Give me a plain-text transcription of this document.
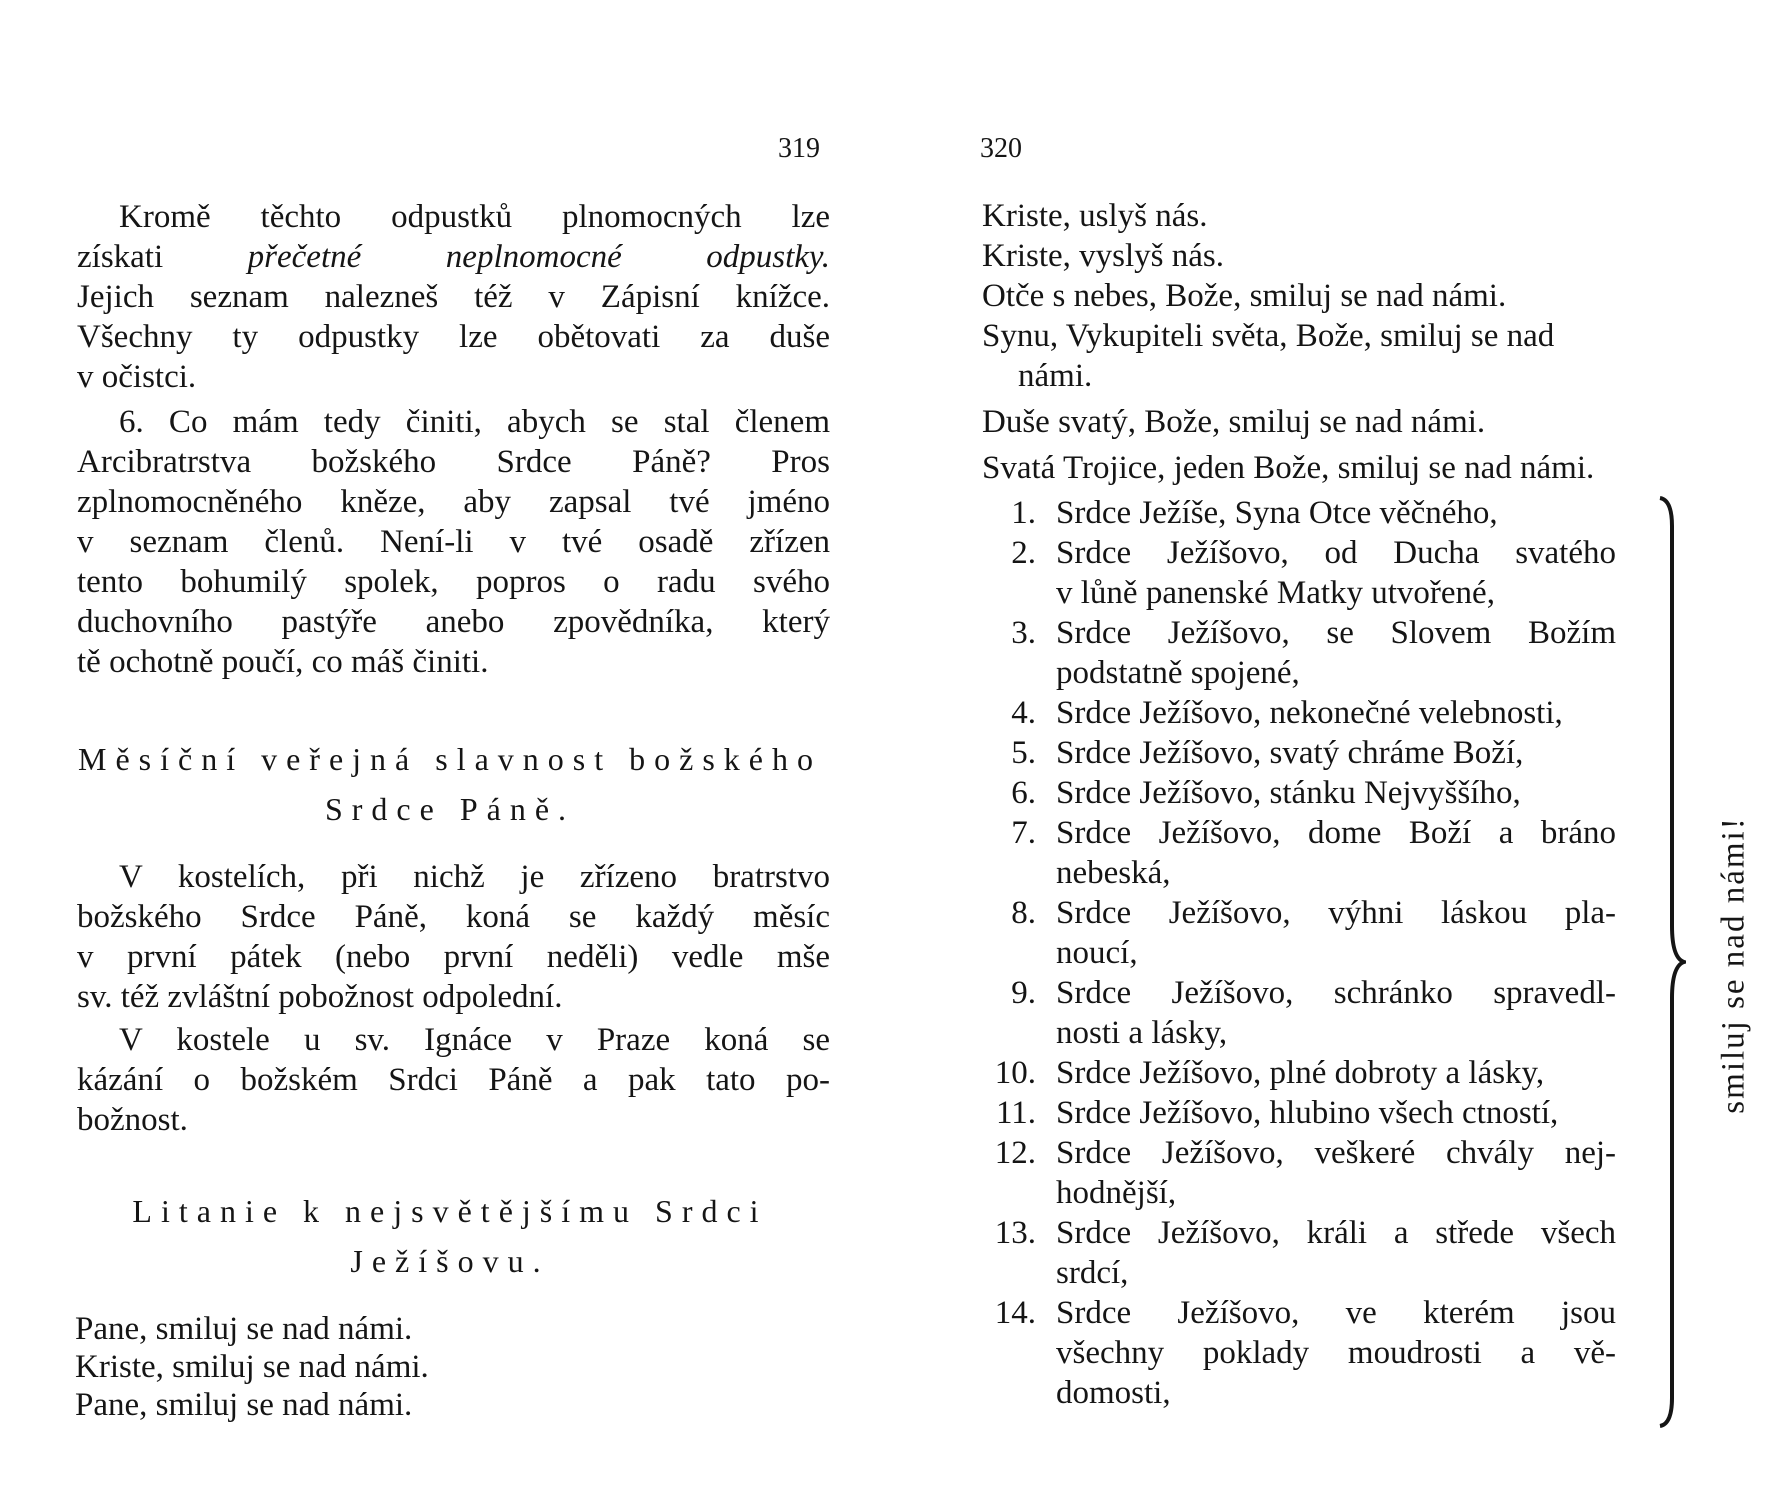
319
Kromě těchto odpustků plnomocných lze
získati přečetné neplnomocné odpustky.
Jejich seznam nalezneš též v Zápisní knížce.
Všechny ty odpustky lze obětovati za duše
v očistci.
6. Co mám tedy činiti, abych se stal členem
Arcibratrstva božského Srdce Páně? Pros
zplnomocněného kněze, aby zapsal tvé jméno
v seznam členů. Není-li v tvé osadě zřízen
tento bohumilý spolek, popros o radu svého
duchovního pastýře anebo zpovědníka, který
tě ochotně poučí, co máš činiti.
Měsíční veřejná slavnost božského
Srdce Páně.
V kostelích, při nichž je zřízeno bratrstvo
božského Srdce Páně, koná se každý měsíc
v první pátek (nebo první neděli) vedle mše
sv. též zvláštní pobožnost odpolední.
V kostele u sv. Ignáce v Praze koná se
kázání o božském Srdci Páně a pak tato po-
božnost.
Litanie k nejsvětějšímu Srdci
Ježíšovu.
Pane, smiluj se nad námi.
Kriste, smiluj se nad námi.
Pane, smiluj se nad námi.
320
Kriste, uslyš nás.
Kriste, vyslyš nás.
Otče s nebes, Bože, smiluj se nad námi.
Synu, Vykupiteli světa, Bože, smiluj se nad
námi.
Duše svatý, Bože, smiluj se nad námi.
Svatá Trojice, jeden Bože, smiluj se nad námi.
1. Srdce Ježíše, Syna Otce věčného,
2. Srdce Ježíšovo, od Ducha svatého
v lůně panenské Matky utvořené,
3. Srdce Ježíšovo, se Slovem Božím
podstatně spojené,
4. Srdce Ježíšovo, nekonečné velebnosti,
5. Srdce Ježíšovo, svatý chráme Boží,
6. Srdce Ježíšovo, stánku Nejvyššího,
7. Srdce Ježíšovo, dome Boží a bráno
nebeská,
8. Srdce Ježíšovo, výhni láskou pla-
noucí,
9. Srdce Ježíšovo, schránko spravedl-
nosti a lásky,
10. Srdce Ježíšovo, plné dobroty a lásky,
11. Srdce Ježíšovo, hlubino všech ctností,
12. Srdce Ježíšovo, veškeré chvály nej-
hodnější,
13. Srdce Ježíšovo, králi a střede všech
srdcí,
14. Srdce Ježíšovo, ve kterém jsou
všechny poklady moudrosti a vě-
domosti,
smiluj se nad námi!
